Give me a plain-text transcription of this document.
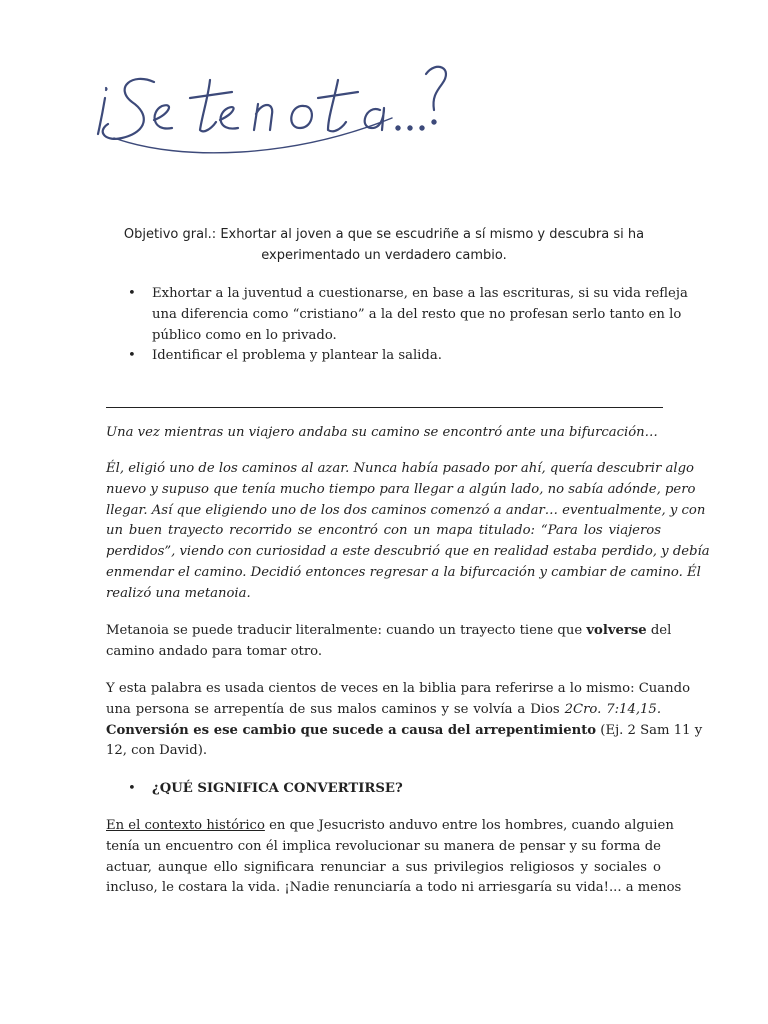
Objetivo gral.: Exhortar al joven a que se escudriñe a sí mismo y descubra si ha
experimentado un verdadero cambio.
• Exhortar a la juventud a cuestionarse, en base a las escrituras, si su vida refleja
una diferencia como “cristiano” a la del resto que no profesan serlo tanto en lo
público como en lo privado.
• Identificar el problema y plantear la salida.
Una vez mientras un viajero andaba su camino se encontró ante una bifurcación…
Él, eligió uno de los caminos al azar. Nunca había pasado por ahí, quería descubrir algo
nuevo y supuso que tenía mucho tiempo para llegar a algún lado, no sabía adónde, pero
llegar. Así que eligiendo uno de los dos caminos comenzó a andar… eventualmente, y con
un buen trayecto recorrido se encontró con un mapa titulado: “Para los viajeros
perdidos”, viendo con curiosidad a este descubrió que en realidad estaba perdido, y debía
enmendar el camino. Decidió entonces regresar a la bifurcación y cambiar de camino. Él
realizó una metanoia.
Metanoia se puede traducir literalmente: cuando un trayecto tiene que volverse del
camino andado para tomar otro.
Y esta palabra es usada cientos de veces en la biblia para referirse a lo mismo: Cuando
una persona se arrepentía de sus malos caminos y se volvía a Dios 2Cro. 7:14,15.
Conversión es ese cambio que sucede a causa del arrepentimiento (Ej. 2 Sam 11 y
12, con David).
• ¿QUÉ SIGNIFICA CONVERTIRSE?
En el contexto histórico en que Jesucristo anduvo entre los hombres, cuando alguien
tenía un encuentro con él implica revolucionar su manera de pensar y su forma de
actuar, aunque ello significara renunciar a sus privilegios religiosos y sociales o
incluso, le costara la vida. ¡Nadie renunciaría a todo ni arriesgaría su vida!... a menos
